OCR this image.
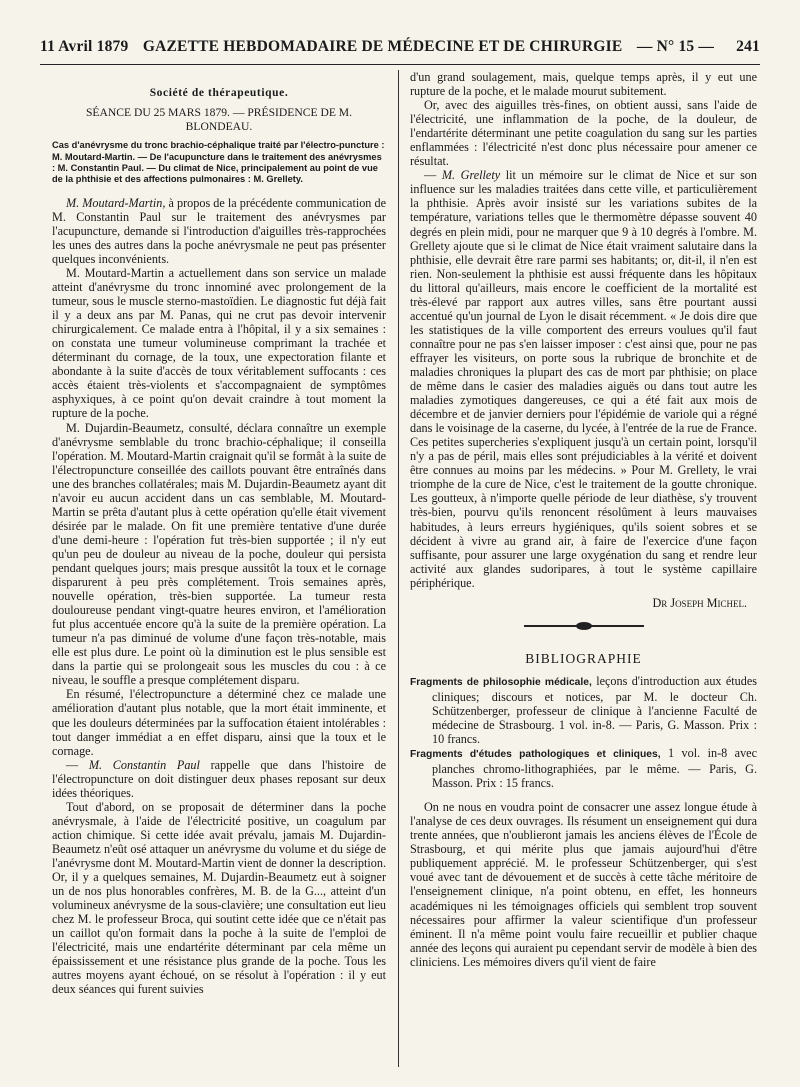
11 Avril 1879 GAZETTE HEBDOMADAIRE DE MÉDECINE ET DE CHIRURGIE — N° 15 — 241
Société de thérapeutique.
SÉANCE DU 25 MARS 1879. — PRÉSIDENCE DE M. BLONDEAU.
Cas d'anévrysme du tronc brachio-céphalique traité par l'électro-puncture : M. Moutard-Martin. — De l'acupuncture dans le traitement des anévrysmes : M. Constantin Paul. — Du climat de Nice, principalement au point de vue de la phthisie et des affections pulmonaires : M. Grellety.

M. Moutard-Martin, à propos de la précédente communication de M. Constantin Paul sur le traitement des anévrysmes par l'acupuncture, demande si l'introduction d'aiguilles très-rapprochées les unes des autres dans la poche anévrysmale ne peut pas présenter quelques inconvénients.

M. Moutard-Martin a actuellement dans son service un malade atteint d'anévrysme du tronc innominé avec prolongement de la tumeur, sous le muscle sterno-mastoïdien. Le diagnostic fut déjà fait il y a deux ans par M. Panas, qui ne crut pas devoir intervenir chirurgicalement. Ce malade entra à l'hôpital, il y a six semaines : on constata une tumeur volumineuse comprimant la trachée et déterminant du cornage, de la toux, une expectoration filante et abondante à la suite d'accès de toux véritablement suffocants : ces accès étaient très-violents et s'accompagnaient de symptômes asphyxiques, à ce point qu'on devait craindre à tout moment la rupture de la poche.

M. Dujardin-Beaumetz, consulté, déclara connaître un exemple d'anévrysme semblable du tronc brachio-céphalique; il conseilla l'opération. M. Moutard-Martin craignait qu'il se formât à la suite de l'électropuncture conseillée des caillots pouvant être entraînés dans une des branches collatérales; mais M. Dujardin-Beaumetz ayant dit n'avoir eu aucun accident dans un cas semblable, M. Moutard-Martin se prêta d'autant plus à cette opération qu'elle était vivement désirée par le malade. On fit une première tentative d'une durée d'une demi-heure : l'opération fut très-bien supportée ; il n'y eut qu'un peu de douleur au niveau de la poche, douleur qui persista pendant quelques jours; mais presque aussitôt la toux et le cornage disparurent à peu près complétement. Trois semaines après, nouvelle opération, très-bien supportée. La tumeur resta douloureuse pendant vingt-quatre heures environ, et l'amélioration fut plus accentuée encore qu'à la suite de la première opération. La tumeur n'a pas diminué de volume d'une façon très-notable, mais elle est plus dure. Le point où la diminution est le plus sensible est dans la partie qui se prolongeait sous les muscles du cou : à ce niveau, le souffle a presque complétement disparu.

En résumé, l'électropuncture a déterminé chez ce malade une amélioration d'autant plus notable, que la mort était imminente, et que les douleurs déterminées par la suffocation étaient intolérables : tout danger immédiat a en effet disparu, ainsi que la toux et le cornage.

— M. Constantin Paul rappelle que dans l'histoire de l'électropuncture on doit distinguer deux phases reposant sur deux idées théoriques.

Tout d'abord, on se proposait de déterminer dans la poche anévrysmale, à l'aide de l'électricité positive, un coagulum par action chimique. Si cette idée avait prévalu, jamais M. Dujardin-Beaumetz n'eût osé attaquer un anévrysme du volume et du siége de l'anévrysme dont M. Moutard-Martin vient de donner la description. Or, il y a quelques semaines, M. Dujardin-Beaumetz eut à soigner un de nos plus honorables confrères, M. B. de la G..., atteint d'un volumineux anévrysme de la sous-clavière; une consultation eut lieu chez M. le professeur Broca, qui soutint cette idée que ce n'était pas un caillot qu'on formait dans la poche à la suite de l'emploi de l'électricité, mais une endartérite déterminant par cela même un épaississement et une résistance plus grande de la poche. Tous les autres moyens ayant échoué, on se résolut à l'opération : il y eut deux séances qui furent suivies

d'un grand soulagement, mais, quelque temps après, il y eut une rupture de la poche, et le malade mourut subitement.

Or, avec des aiguilles très-fines, on obtient aussi, sans l'aide de l'électricité, une inflammation de la poche, de la douleur, de l'endartérite déterminant une petite coagulation du sang sur les parties enflammées : l'électricité n'est donc plus nécessaire pour amener ce résultat.

— M. Grellety lit un mémoire sur le climat de Nice et sur son influence sur les maladies traitées dans cette ville, et particulièrement la phthisie. Après avoir insisté sur les variations subites de la température, variations telles que le thermomètre dépasse souvent 40 degrés en plein midi, pour ne marquer que 9 à 10 degrés à l'ombre. M. Grellety ajoute que si le climat de Nice était vraiment salutaire dans la phthisie, elle devrait être rare parmi ses habitants; or, dit-il, il n'en est rien. Non-seulement la phthisie est aussi fréquente dans les hôpitaux du littoral qu'ailleurs, mais encore le coefficient de la mortalité est très-élevé par rapport aux autres villes, sans être pourtant aussi accentué qu'un journal de Lyon le disait récemment. « Je dois dire que les statistiques de la ville comportent des erreurs voulues qu'il faut connaître pour ne pas s'en laisser imposer : c'est ainsi que, pour ne pas effrayer les visiteurs, on porte sous la rubrique de bronchite et de maladies chroniques la plupart des cas de mort par phthisie; on place de même dans le casier des maladies aiguës ou dans tout autre les maladies zymotiques dangereuses, ce qui a été fait aux mois de décembre et de janvier derniers pour l'épidémie de variole qui a régné dans le voisinage de la caserne, du lycée, à l'entrée de la rue de France. Ces petites supercheries s'expliquent jusqu'à un certain point, lorsqu'il n'y a pas de péril, mais elles sont préjudiciables à la vérité et doivent être connues au moins par les médecins. » Pour M. Grellety, le vrai triomphe de la cure de Nice, c'est le traitement de la goutte chronique. Les goutteux, à n'importe quelle période de leur diathèse, s'y trouvent très-bien, pourvu qu'ils renoncent résolûment à leurs mauvaises habitudes, à leurs erreurs hygiéniques, qu'ils soient sobres et se décident à vivre au grand air, à faire de l'exercice d'une façon suffisante, pour assurer une large oxygénation du sang et rendre leur activité aux glandes sudoripares, à tout le système capillaire périphérique.

Dr Joseph Michel.
BIBLIOGRAPHIE

Fragments de philosophie médicale, leçons d'introduction aux études cliniques; discours et notices, par M. le docteur Ch. Schützenberger, professeur de clinique à l'ancienne Faculté de médecine de Strasbourg. 1 vol. in-8. — Paris, G. Masson. Prix : 10 francs.

Fragments d'études pathologiques et cliniques, 1 vol. in-8 avec planches chromo-lithographiées, par le même. — Paris, G. Masson. Prix : 15 francs.

On ne nous en voudra point de consacrer une assez longue étude à l'analyse de ces deux ouvrages. Ils résument un enseignement qui dura trente années, que n'oublieront jamais les anciens élèves de l'École de Strasbourg, et qui mérite plus que jamais aujourd'hui d'être publiquement apprécié. M. le professeur Schützenberger, qui s'est voué avec tant de dévouement et de succès à cette tâche méritoire de l'enseignement clinique, n'a point obtenu, en effet, les honneurs académiques ni les témoignages officiels qui semblent trop souvent nécessaires pour affirmer la valeur scientifique d'un professeur éminent. Il n'a même point voulu faire recueillir et publier chaque année des leçons qui auraient pu cependant servir de modèle à bien des cliniciens. Les mémoires divers qu'il vient de faire
